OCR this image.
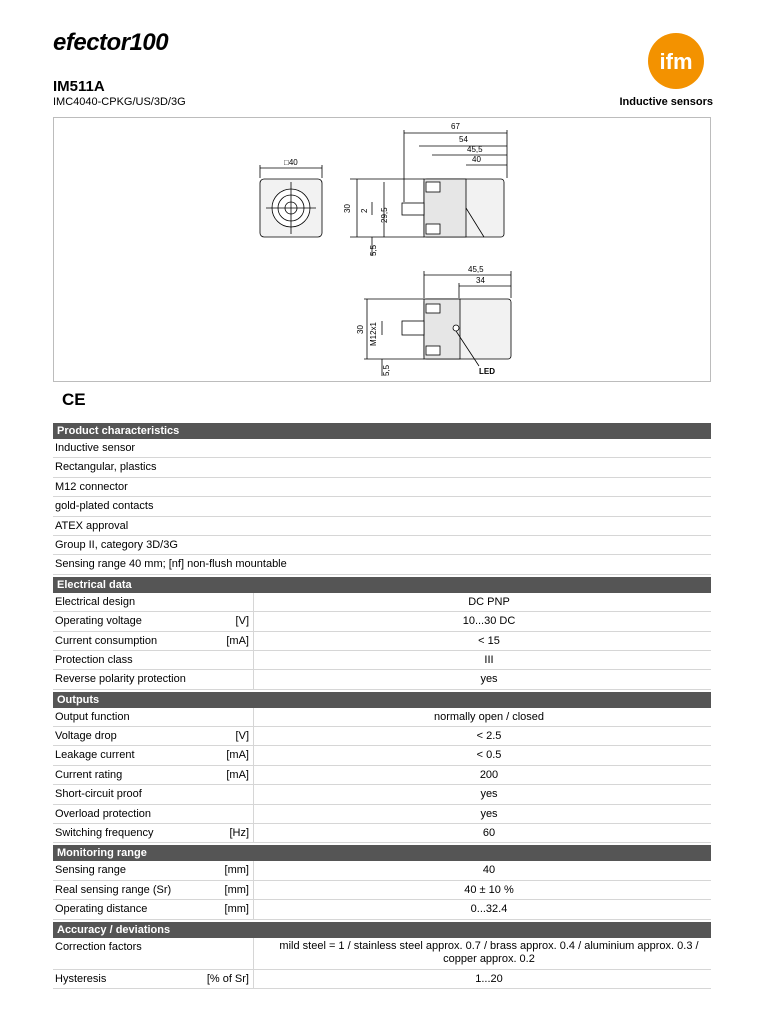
efector100
ifm
IM511A
IMC4040-CPKG/US/3D/3G	Inductive sensors
□40
67
54
45,5
40
30 2 29,5
5,5
45,5
34
30 M12x1
5,5	LED
CE
Product characteristics
Inductive sensor
Rectangular, plastics
M12 connector
gold-plated contacts
ATEX approval
Group II, category 3D/3G
Sensing range 40 mm; [nf] non-flush mountable
Electrical data
Electrical design	DC PNP
Operating voltage	[V]	10...30 DC
Current consumption	[mA]	< 15
Protection class	III
Reverse polarity protection	yes
Outputs
Output function	normally open / closed
Voltage drop	[V]	< 2.5
Leakage current	[mA]	< 0.5
Current rating	[mA]	200
Short-circuit proof	yes
Overload protection	yes
Switching frequency	[Hz]	60
Monitoring range
Sensing range	[mm]	40
Real sensing range (Sr)	[mm]	40 ± 10 %
Operating distance	[mm]	0...32.4
Accuracy / deviations
Correction factors	mild steel = 1 / stainless steel approx. 0.7 / brass approx. 0.4 / aluminium approx. 0.3 / copper approx. 0.2
Hysteresis	[% of Sr]	1...20
